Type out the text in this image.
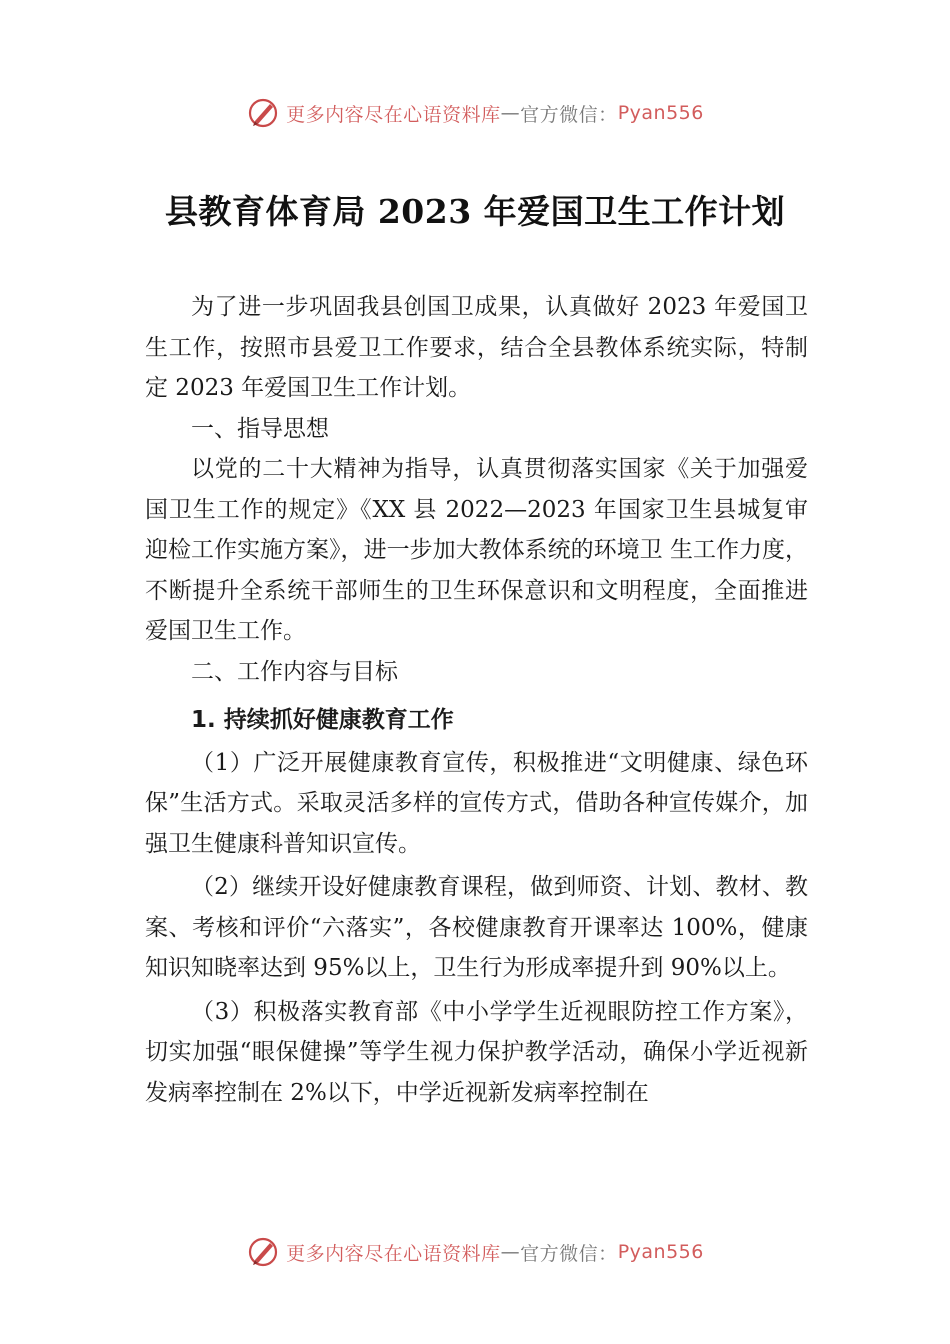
更多内容尽在心语资料库 — 官方微信： Pyan556
县教育体育局 2023 年爱国卫生工作计划

为了进一步巩固我县创国卫成果，认真做好 2023 年爱国卫生工作，按照市县爱卫工作要求，结合全县教体系统实际，特制定 2023 年爱国卫生工作计划。

一、指导思想

以党的二十大精神为指导，认真贯彻落实国家《关于加强爱国卫生工作的规定》《XX 县 2022—2023 年国家卫生县城复审迎检工作实施方案》，进一步加大教体系统的环境卫 生工作力度，不断提升全系统干部师生的卫生环保意识和文明程度，全面推进爱国卫生工作。

二、工作内容与目标

1. 持续抓好健康教育工作

（1）广泛开展健康教育宣传，积极推进“文明健康、绿色环保”生活方式。采取灵活多样的宣传方式，借助各种宣传媒介，加强卫生健康科普知识宣传。

（2）继续开设好健康教育课程，做到师资、计划、教材、教案、考核和评价“六落实”，各校健康教育开课率达 100%，健康知识知晓率达到 95%以上，卫生行为形成率提升到 90%以上。

（3）积极落实教育部《中小学学生近视眼防控工作方案》，切实加强“眼保健操”等学生视力保护教学活动，确保小学近视新发病率控制在 2%以下，中学近视新发病率控制在

更多内容尽在心语资料库 — 官方微信： Pyan556
